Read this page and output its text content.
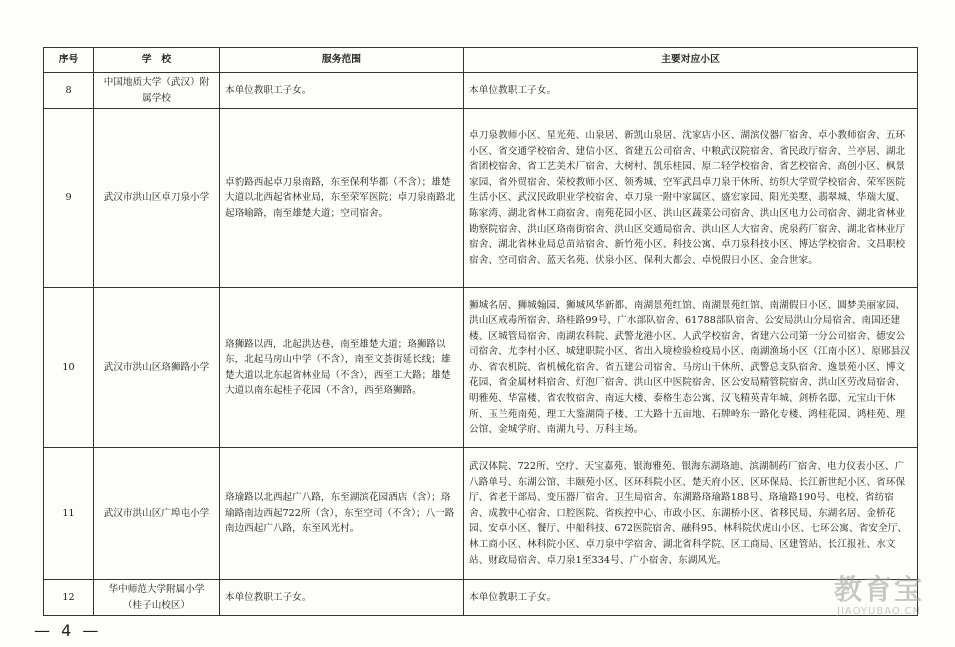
序号	学　校	服务范围	主要对应小区
8	中国地质大学（武汉）附属学校	本单位教职工子女。	本单位教职工子女。
9	武汉市洪山区卓刀泉小学	卓豹路西起卓刀泉南路，东至保利华都（不含）；雄楚大道以北西起省林业局，东至荣军医院；卓刀泉南路北起珞喻路，南至雄楚大道；空司宿舍。	卓刀泉教师小区、星光苑、山泉居、新凯山泉居、沈家店小区、湖滨仪器厂宿舍、卓小教师宿舍、五环小区、省交通学校宿舍、建信小区、省建五公司宿舍、中粮武汉院宿舍、省民政厅宿舍、兰亭居、湖北省团校宿舍、省工艺美术厂宿舍、大树村、凯乐桂园、原二轻学校宿舍、省艺校宿舍、高创小区、枫景家园、省外贸宿舍、荣校教师小区、领秀城、空军武昌卓刀泉干休所、纺织大学贸学校宿舍、荣军医院生活小区、武汉民政职业学校宿舍、卓刀泉一附中家属区、盛宏家园、阳光美墅、翡翠城、华瑞大厦、陈家湾、湖北省林工商宿舍、南苑花园小区、洪山区蔬菜公司宿舍、洪山区电力公司宿舍、湖北省林业勘察院宿舍、洪山区珞南街宿舍、洪山区交通局宿舍、洪山区人大宿舍、虎泉药厂宿舍、湖北省林业厅宿舍、湖北省林业局总苗站宿舍、新竹苑小区、科技公寓、卓刀泉科技小区、博达学校宿舍、文昌职校宿舍、空司宿舍、蓝天名苑、伏泉小区、保利大都会、卓悦假日小区、金合世家。
10	武汉市洪山区珞狮路小学	珞狮路以西，北起洪达巷，南至雄楚大道；珞狮路以东，北起马房山中学（不含），南至文荟街延长线；雄楚大道以北东起省林业局（不含），西至工大路；雄楚大道以南东起桂子花园（不含），西至珞狮路。	狮城名居、狮城翰园、狮城风华新都、南湖景苑红馆、南湖景苑红馆、南湖假日小区、圆梦美丽家园、洪山区戒毒所宿舍、珞桂路99号、广水部队宿舍、61788部队宿舍、公安局洪山分局宿舍、南国还建楼、区城管局宿舍、南湖农科院、武警龙港小区、人武学校宿舍、省建六公司第一分公司宿舍、德安公司宿舍、尤李村小区、城建职院小区、省出入境检验检疫局小区、南湖渔场小区（江南小区）、原郧县汉办、省农机院、省机械化宿舍、省五建公司宿舍、马房山干休所、武警总支队宿舍、逸景苑小区、博文花园、省金属材料宿舍、灯泡厂宿舍、洪山区中医院宿舍、区公安局精管院宿舍、洪山区劳改局宿舍、明雅苑、华富楼、省农牧宿舍、南远大楼、泰格生态公寓、汉飞精英青年城、剑桥名邸、元宝山干休所、玉兰苑南苑、理工大鉴湖筒子楼、工大路十五亩地、石牌岭东一路化专楼、鸿桂花园、鸿桂苑、理公馆、金城学府、南湖九号、万科主场。
11	武汉市洪山区广埠屯小学	珞瑜路以北西起广八路，东至湖滨花园酒店（含）；珞瑜路南边西起722所（含），东至空司（不含）；八一路南边西起广八路，东至风光村。	武汉体院、722所、空疗、天宝嘉苑、银海雅苑、银海东湖珞迪、滨湖制药厂宿舍、电力仪表小区、广八路单号、东湖公馆、丰颐苑小区、区环科院小区、楚天府小区、区环保局、长江新世纪小区、省环保厅、省老干部局、变压器厂宿舍、卫生局宿舍、东湖路珞瑜路188号、珞瑜路190号、电校、省纺宿舍、成教中心宿舍、口腔医院、省疾控中心、市政小区、东湖桥小区、省移民局、东湖名居、金桥花园、安卓小区、餐厅、中船科技、672医院宿舍、融科95、林科院伏虎山小区、七环公寓、省安全厅、林工商小区、林科院小区、卓刀泉中学宿舍、湖北省科学院、区工商局、区建管站、长江报社、水文站、财政局宿舍、卓刀泉1至334号、广小宿舍、东湖风光。
12	华中师范大学附属小学（桂子山校区）	本单位教职工子女。	本单位教职工子女。
— 4 —
教育宝
JIAOYUBAO.CN
